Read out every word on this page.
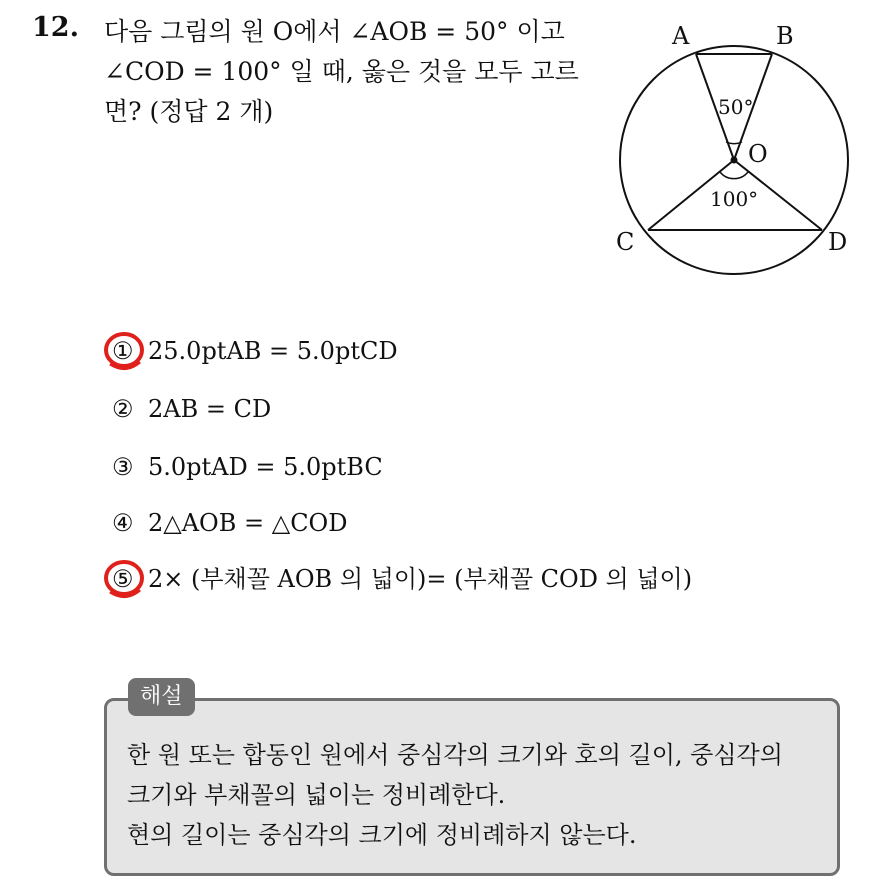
12. 다음 그림의 원 O에서 ∠AOB = 50° 이고 ∠COD = 100° 일 때, 옳은 것을 모두 고르면? (정답 2 개)
A	B
O
C	D
50°
100°
① 25.0ptAB = 5.0ptCD
② 2AB = CD
③ 5.0ptAD = 5.0ptBC
④ 2△AOB = △COD
⑤ 2× (부채꼴 AOB 의 넓이)= (부채꼴 COD 의 넓이)
한 원 또는 합동인 원에서 중심각의 크기와 호의 길이, 중심각의
크기와 부채꼴의 넓이는 정비례한다.
현의 길이는 중심각의 크기에 정비례하지 않는다.
해설
